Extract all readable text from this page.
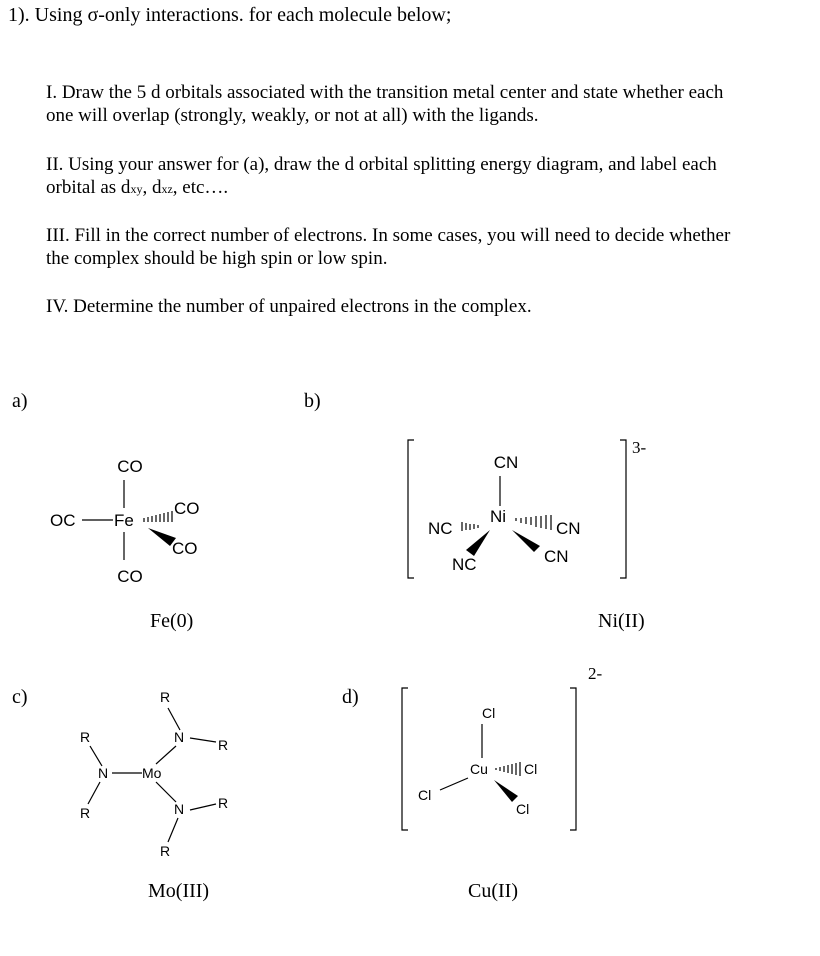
1). Using σ-only interactions. for each molecule below;
I. Draw the 5 d orbitals associated with the transition metal center and state whether each
one will overlap (strongly, weakly, or not at all) with the ligands.
II. Using your answer for (a), draw the d orbital splitting energy diagram, and label each
orbital as dxy, dxz, etc….
III. Fill in the correct number of electrons. In some cases, you will need to decide whether
the complex should be high spin or low spin.
IV. Determine the number of unpaired electrons in the complex.
a)	b)
c)	d)
Fe(0)	Ni(II)
Mo(III)	Cu(II)
3-
2-
CO
OC Fe
CO
CO
CO
CN
NC
Ni
CN
NC	CN
R
N R
R
N Mo
R	N R
R
Cl
Cu	Cl
Cl
Cl
